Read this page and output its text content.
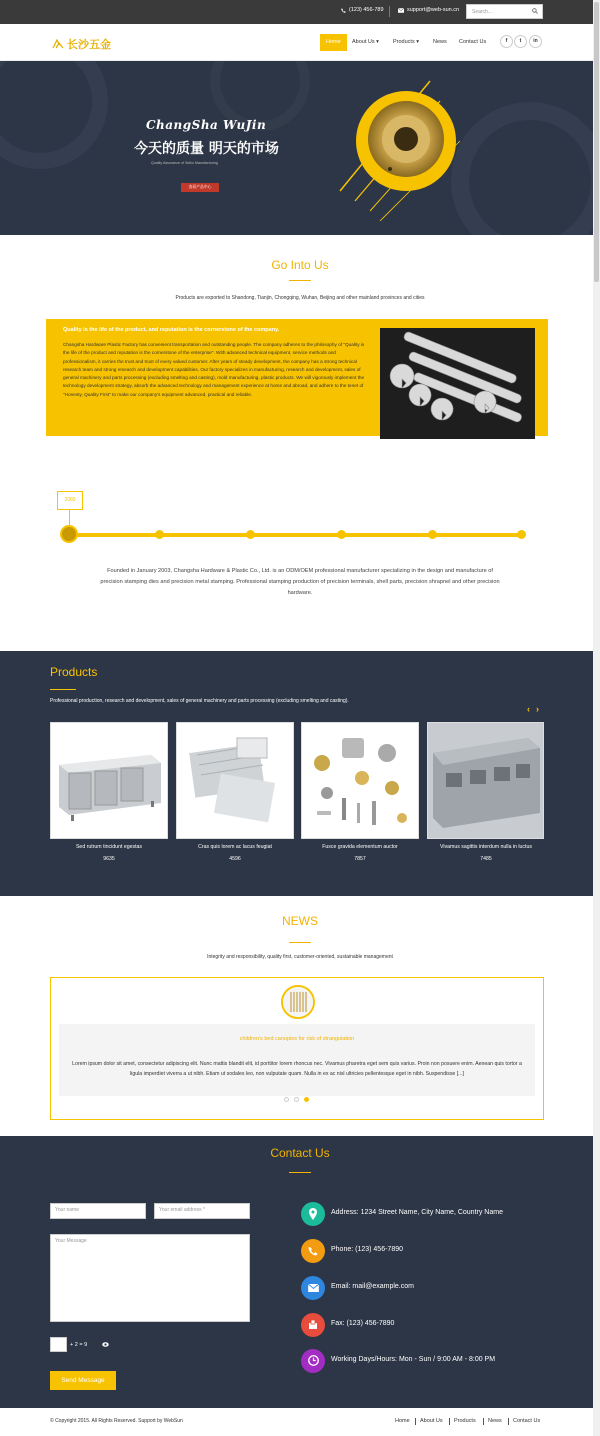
(123) 456-789	support@web-sun.cn	Search...
长沙五金	Home	About Us ▾	Products ▾	News Contact Us	f	t	in
ChangSha WuJin
今天的质量 明天的市场
Quality Assurance of Seiko Manufacturing
查看产品中心
Go Into Us
Products are exported to Shandong, Tianjin, Chongqing, Wuhan, Beijing and other mainland provinces and cities
Quality is the life of the product, and reputation is the cornerstone of the company.
Changsha Hardware Plastic Factory has convenient transportation and outstanding people. The company adheres to the philosophy of "Quality is the life of the product and reputation is the cornerstone of the enterprise". With advanced technical equipment, service methods and professionalism, it carries the trust and trust of every valued customer. After years of steady development, the company has a strong technical research team and strong research and development capabilities. Our factory specializes in manufacturing, research and development, sales of general machinery and parts processing (excluding smelting and casting), mold manufacturing, plastic products. We will vigorously implement the technology development strategy, absorb the advanced technology and management experience at home and abroad, and adhere to the tenet of "Honesty, Quality First" to make our company's equipment advanced, practical and reliable.
MORE »
2003
Founded in January 2003, Changsha Hardware & Plastic Co., Ltd. is an ODM/OEM professional manufacturer specializing in the design and manufacture of precision stamping dies and precision metal stamping. Professional stamping production of precision terminals, shell parts, precision shrapnel and other precision hardware.
Products
Professional production, research and development, sales of general machinery and parts processing (excluding smelting and casting).
‹ ›
Sed rutrum tincidunt egestas
9635
Cras quis lorem ac lacus feugiat
4596
Fusce gravida elementum auctor
7857
Vivamus sagittis interdum nulla in luctus
7485
NEWS
Integrity and responsibility, quality first, customer-oriented, sustainable management
children's bed canopies for risk of strangulation
Lorem ipsum dolor sit amet, consectetur adipiscing elit. Nunc mattis blandit elit, id porttitor lorem rhoncus nec. Vivamus pharetra eget sem quis varius. Proin non posuere enim. Aenean quis tortor a ligula imperdiet viverra a ut nibh. Etiam ut sodales leo, non vulputate quam. Nulla in ex ac nisl ultricies pellentesque eget in nibh. Suspendisse [...]
Contact Us
Your name	Your email address *
Your Message
+ 2 = 9
Send Message
Address: 1234 Street Name, City Name, Country Name
Phone: (123) 456-7890
Email: mail@example.com
Fax: (123) 456-7890
Working Days/Hours: Mon - Sun / 9:00 AM - 8:00 PM
© Copyright 2015. All Rights Reserved. Support by WebSun	Home About Us Products News Contact Us
